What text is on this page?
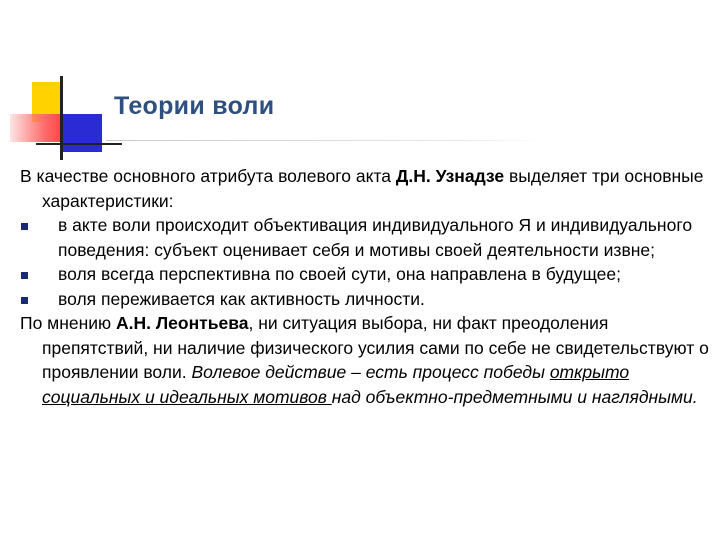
Теории воли

В качестве основного атрибута волевого акта Д.Н. Узнадзе выделяет три основные характеристики:

в акте воли происходит объективация индивидуального Я и индивидуального поведения: субъект оценивает себя и мотивы своей деятельности извне;

воля всегда перспективна по своей сути, она направлена в будущее;

воля переживается как активность личности.

По мнению А.Н. Леонтьева, ни ситуация выбора, ни факт преодоления препятствий, ни наличие физического усилия сами по себе не свидетельствуют о проявлении воли. Волевое действие – есть процесс победы открыто социальных и идеальных мотивов над объектно-предметными и наглядными.
